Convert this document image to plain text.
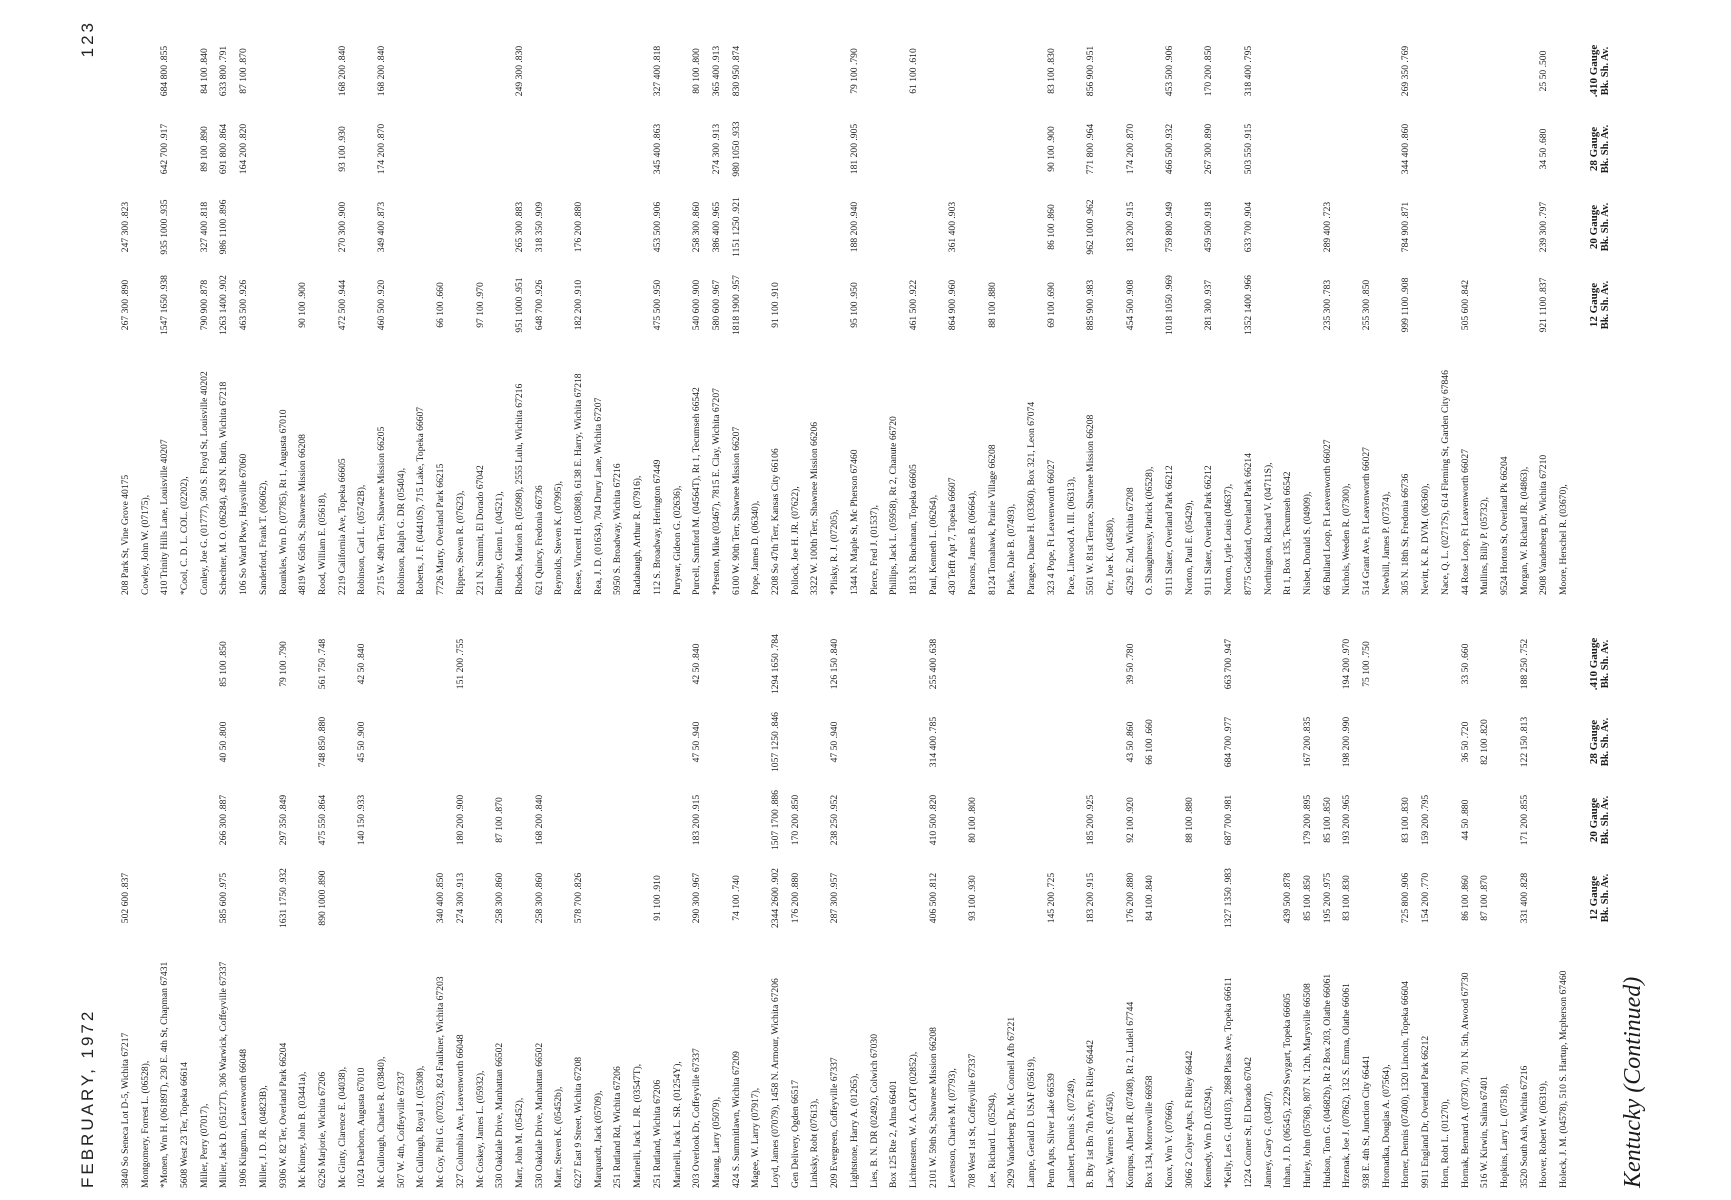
FEBRUARY, 1972
123
Kentucky (Continued)
12 Gauge Bk. Sh. Av.
20 Gauge Bk. Sh. Av.
28 Gauge Bk. Sh. Av.
.410 Gauge Bk. Sh. Av.
Holeck, J. M. (04578), 510 S. Hartup, Mcpherson 67460
Hoover, Robert W. (06319),
3520 South Ash, Wichita 67216
331 400 .828
171 200 .855
122 150 .813
188 250 .752
Hopkins, Larry L. (07518),
516 W. Kirwin, Salina 67401
87 100 .870
82 100 .820
Hornak, Bernard A. (07307), 701 N. 5th, Atwood 67730
86 100 .860
44 50 .880
36 50 .720
33 50 .660
Horn, Robt L. (01270),
9911 England Dr, Overland Park 66212
154 200 .770
159 200 .795
Horner, Dennis (07400), 1320 Lincoln, Topeka 66604
725 800 .906
83 100 .830
Hromadka, Douglas A. (07564),
938 E. 4th St, Junction City 66441
75 100 .750
Hrzenak, Joe J. (07862), 132 S. Emma, Olathe 66061
83 100 .830
193 200 .965
198 200 .990
194 200 .970
Hudson, Tom G. (04682b), Rt 2 Box 203, Olathe 66061
195 200 .975
85 100 .850
Hurley, John (05768), 807 N. 12th, Marysville 66508
85 100 .850
179 200 .895
167 200 .835
Inhan, J. D. (06545), 2229 Swygart, Topeka 66605
439 500 .878
Janney, Gary G. (03407),
1224 Conner St, El Dorado 67042
*Kelly, Les G. (04103), 2868 Plass Ave, Topeka 66611
1327 1350 .983
687 700 .981
684 700 .977
663 700 .947
Kennedy, Wm D. (05294),
3066 2 Colyer Apts, Ft Riley 66442
88 100 .880
Knox, Wm V. (07666),
Box 134, Morrowville 66958
84 100 .840
66 100 .660
Kompus, Albert JR. (07408), Rt 2, Ludell 67744
176 200 .880
92 100 .920
43 50 .860
39 50 .780
Lacy, Warren S. (07450),
B. Bty 1st Bn 7th Arty, Ft Riley 66442
183 200 .915
185 200 .925
Lambert, Dennis S. (07249),
Penn Apts, Silver Lake 66539
145 200 .725
Lampe, Gerald D. USAF (05619),
2929 Vanderberg Dr, Mc Connell Afb 67221
Lee, Richard L. (05294),
708 West 1st St, Coffeyville 67337
93 100 .930
80 100 .800
Levenson, Charles M. (07793),
2101 W. 59th St, Shawnee Mission 66208
406 500 .812
410 500 .820
314 400 .785
255 400 .638
Lichtenstern, W. A. CAPT (02852),
Box 125 Rte 2, Alma 66401
Lies, B. N. DR (02492), Colwich 67030
Lightstone, Harry A. (01265),
209 Evergreen, Coffeyville 67337
287 300 .957
238 250 .952
47 50 .940
126 150 .840
Linksky, Robt (07613),
Gen Delivery, Ogden 66517
176 200 .880
170 200 .850
Loyd, James (07079), 1458 N. Armour, Wichita 67206
2344 2600 .902
1507 1700 .886
1057 1250 .846
1294 1650 .784
Magee, W. Larry (07917),
424 S. Summitlawn, Wichita 67209
74 100 .740
Marang, Larry (05079),
203 Overlook Dr, Coffeyville 67337
290 300 .967
183 200 .915
47 50 .940
42 50 .840
Marinelli, Jack L. SR. (01254Y),
251 Rutland, Wichita 67206
91 100 .910
Marinelli, Jack L. JR. (03547T),
251 Rutland Rd, Wichita 67206
Marquardt, Jack (05709),
6227 East 9 Street, Wichita 67208
578 700 .826
Marr, Steven K. (05452b),
530 Oakdale Drive, Manhattan 66502
258 300 .860
168 200 .840
Marr, John M. (05452),
530 Oakdale Drive, Manhattan 66502
258 300 .860
87 100 .870
Mc Coskey, James L. (05932),
327 Columbia Ave, Leavenworth 66048
274 300 .913
180 200 .900
151 200 .755
Mc Coy, Phil G. (07023), 824 Faulkner, Wichita 67203
340 400 .850
Mc Cullough, Royal J. (05308),
507 W. 4th, Coffeyville 67337
Mc Cullough, Charles R. (03840),
1024 Dearborn, Augusta 67010
140 150 .933
45 50 .900
42 50 .840
Mc Ginty, Clarence E. (04038),
6226 Marjorie, Wichita 67206
890 1000 .890
475 550 .864
748 850 .880
561 750 .748
Mc Kinney, John B. (03441a),
9306 W. 82 Ter, Overland Park 66204
1631 1750 .932
297 350 .849
79 100 .790
Miller, J. D. JR. (04823B),
1906 Kingman, Leavenworth 66048
Miller, Jack D. (05127T), 306 Warwick, Coffeyville 67337
585 600 .975
266 300 .887
40 50 .800
85 100 .850
Miller, Perry (07017),
5608 West 23 Ter, Topeka 66614
*Monen, Wm H. (06189T), 230 E. 4th St, Chapman 67431
Montgomery, Forrest L. (06528),
3840 So Seneca Lot D-5, Wichita 67217
502 600 .837
12 Gauge Bk. Sh. Av.
20 Gauge Bk. Sh. Av.
28 Gauge Bk. Sh. Av.
.410 Gauge Bk. Sh. Av.
Moore, Herschel R. (03670),
2908 Vandenberg Dr, Wichita 67210
921 1100 .837
239 300 .797
34 50 .680
25 50 .500
Morgan, W. Richard JR. (04863),
9524 Horton St, Overland Pk 66204
Mullins, Billy P. (05732),
44 Rose Loop, Ft Leavenworth 66027
505 600 .842
Nace, Q. L. (02717S), 614 Fleming St, Garden City 67846
Nevitt, K. R. DVM. (06360),
305 N. 18th St, Fredonia 66736
999 1100 .908
784 900 .871
344 400 .860
269 350 .769
Newbill, James P. (07374),
514 Grant Ave, Ft Leavenworth 66027
255 300 .850
Nichols, Weeden R. (07300),
66 Bullard Loop, Ft Leavenworth 66027
235 300 .783
289 400 .723
Nisbet, Donald S. (04909),
Rt 1, Box 135, Tecumseh 66542
Northington, Richard V. (04711S),
8775 Goddard, Overland Park 66214
1352 1400 .966
633 700 .904
503 550 .915
318 400 .795
Norton, Lytle Louis (04637),
9111 Slater, Overland Park 66212
281 300 .937
459 500 .918
267 300 .890
170 200 .850
Norton, Paul E. (05429),
9111 Slater, Overland Park 66212
1018 1050 .969
759 800 .949
466 500 .932
453 500 .906
O. Shaughnessy, Patrick (06528),
4529 E. 2nd, Wichita 67208
454 500 .908
183 200 .915
174 200 .870
Orr, Joe K. (04580),
5501 W. 81st Terrace, Shawnee Mission 66208
885 900 .983
962 1000 .962
771 800 .964
856 900 .951
Pace, Linwood A. III. (06313),
323 4 Pope, Ft Leavenworth 66027
69 100 .690
86 100 .860
90 100 .900
83 100 .830
Paragee, Duane H. (03360), Box 321, Leon 67074
Parke, Dale B. (07493),
8124 Tomahawk, Prairie Village 66208
88 100 .880
Parsons, James B. (06664),
430 Tefft Apt 7, Topeka 66607
864 900 .960
361 400 .903
Paul, Kenneth L. (06264),
1813 N. Buchanan, Topeka 66605
461 500 .922
61 100 .610
Phillips, Jack L. (05958), Rt 2, Chanute 66720
Pierce, Fred J. (01537),
1344 N. Maple St, Mc Pherson 67460
95 100 .950
188 200 .940
181 200 .905
79 100 .790
*Plisky, R. J. (07205),
3322 W. 100th Terr, Shawnee Mission 66206
Pollock, Joe H. JR. (07622),
2208 So 47th Terr, Kansas City 66106
91 100 .910
Pope, James D. (06340),
6100 W. 90th Terr, Shawnee Mission 66207
1818 1900 .957
1151 1250 .921
980 1050 .933
830 950 .874
*Preston, Mike (03467), 7815 E. Clay, Wichita 67207
580 600 .967
386 400 .965
274 300 .913
365 400 .913
Purcell, Samford M. (04564T), Rt 1, Tecumseh 66542
540 600 .900
258 300 .860
80 100 .800
Puryear, Gideon G. (02636),
112 S. Broadway, Herington 67449
475 500 .950
453 500 .906
345 400 .863
327 400 .818
Radabaugh, Arthur R. (07916),
5950 S. Broadway, Wichita 67216
Rea, J. D. (01634), 704 Drury Lane, Wichita 67207
Reese, Vincent H. (05808), 6138 E. Harry, Wichita 67218
182 200 .910
176 200 .880
Reynolds, Steven K. (07995),
621 Quincy, Fredonia 66736
648 700 .926
318 350 .909
Rhodes, Marion B. (05098), 2555 Lulu, Wichita 67216
951 1000 .951
265 300 .883
249 300 .830
Rimbey, Glenn L. (04521),
221 N. Summit, El Dorado 67042
97 100 .970
Rippee, Steven R. (07623),
7726 Marty, Overland Park 66215
66 100 .660
Roberts, J. F. (04410S), 715 Lake, Topeka 66607
Robinson, Ralph G. DR (05404),
2715 W. 49th Terr, Shawnee Mission 66205
460 500 .920
349 400 .873
174 200 .870
168 200 .840
Robinson, Carl L. (05742B),
2219 California Ave, Topeka 66605
472 500 .944
270 300 .900
93 100 .930
168 200 .840
Rood, William E. (05618),
4819 W. 65th St, Shawnee Mission 66208
90 100 .900
Rounkles, Wm D. (07785), Rt 1, Augusta 67010
Sanderford, Frank T. (06062),
106 So Ward Pkwy, Haysville 67060
463 500 .926
164 200 .820
87 100 .870
Schechter, M. O. (06284), 439 N. Butin, Wichita 67218
1263 1400 .902
986 1100 .896
691 800 .864
633 800 .791
Conley, Joe G. (01777), 500 S. Floyd St, Louisville 40202
790 900 .878
327 400 .818
89 100 .890
84 100 .840
*Cool, C. D. L. COL. (02202),
410 Trinity Hills Lane, Louisville 40207
1547 1650 .938
935 1000 .935
642 700 .917
684 800 .855
Cowley, John W. (07175),
208 Park St, Vine Grove 40175
267 300 .890
247 300 .823
